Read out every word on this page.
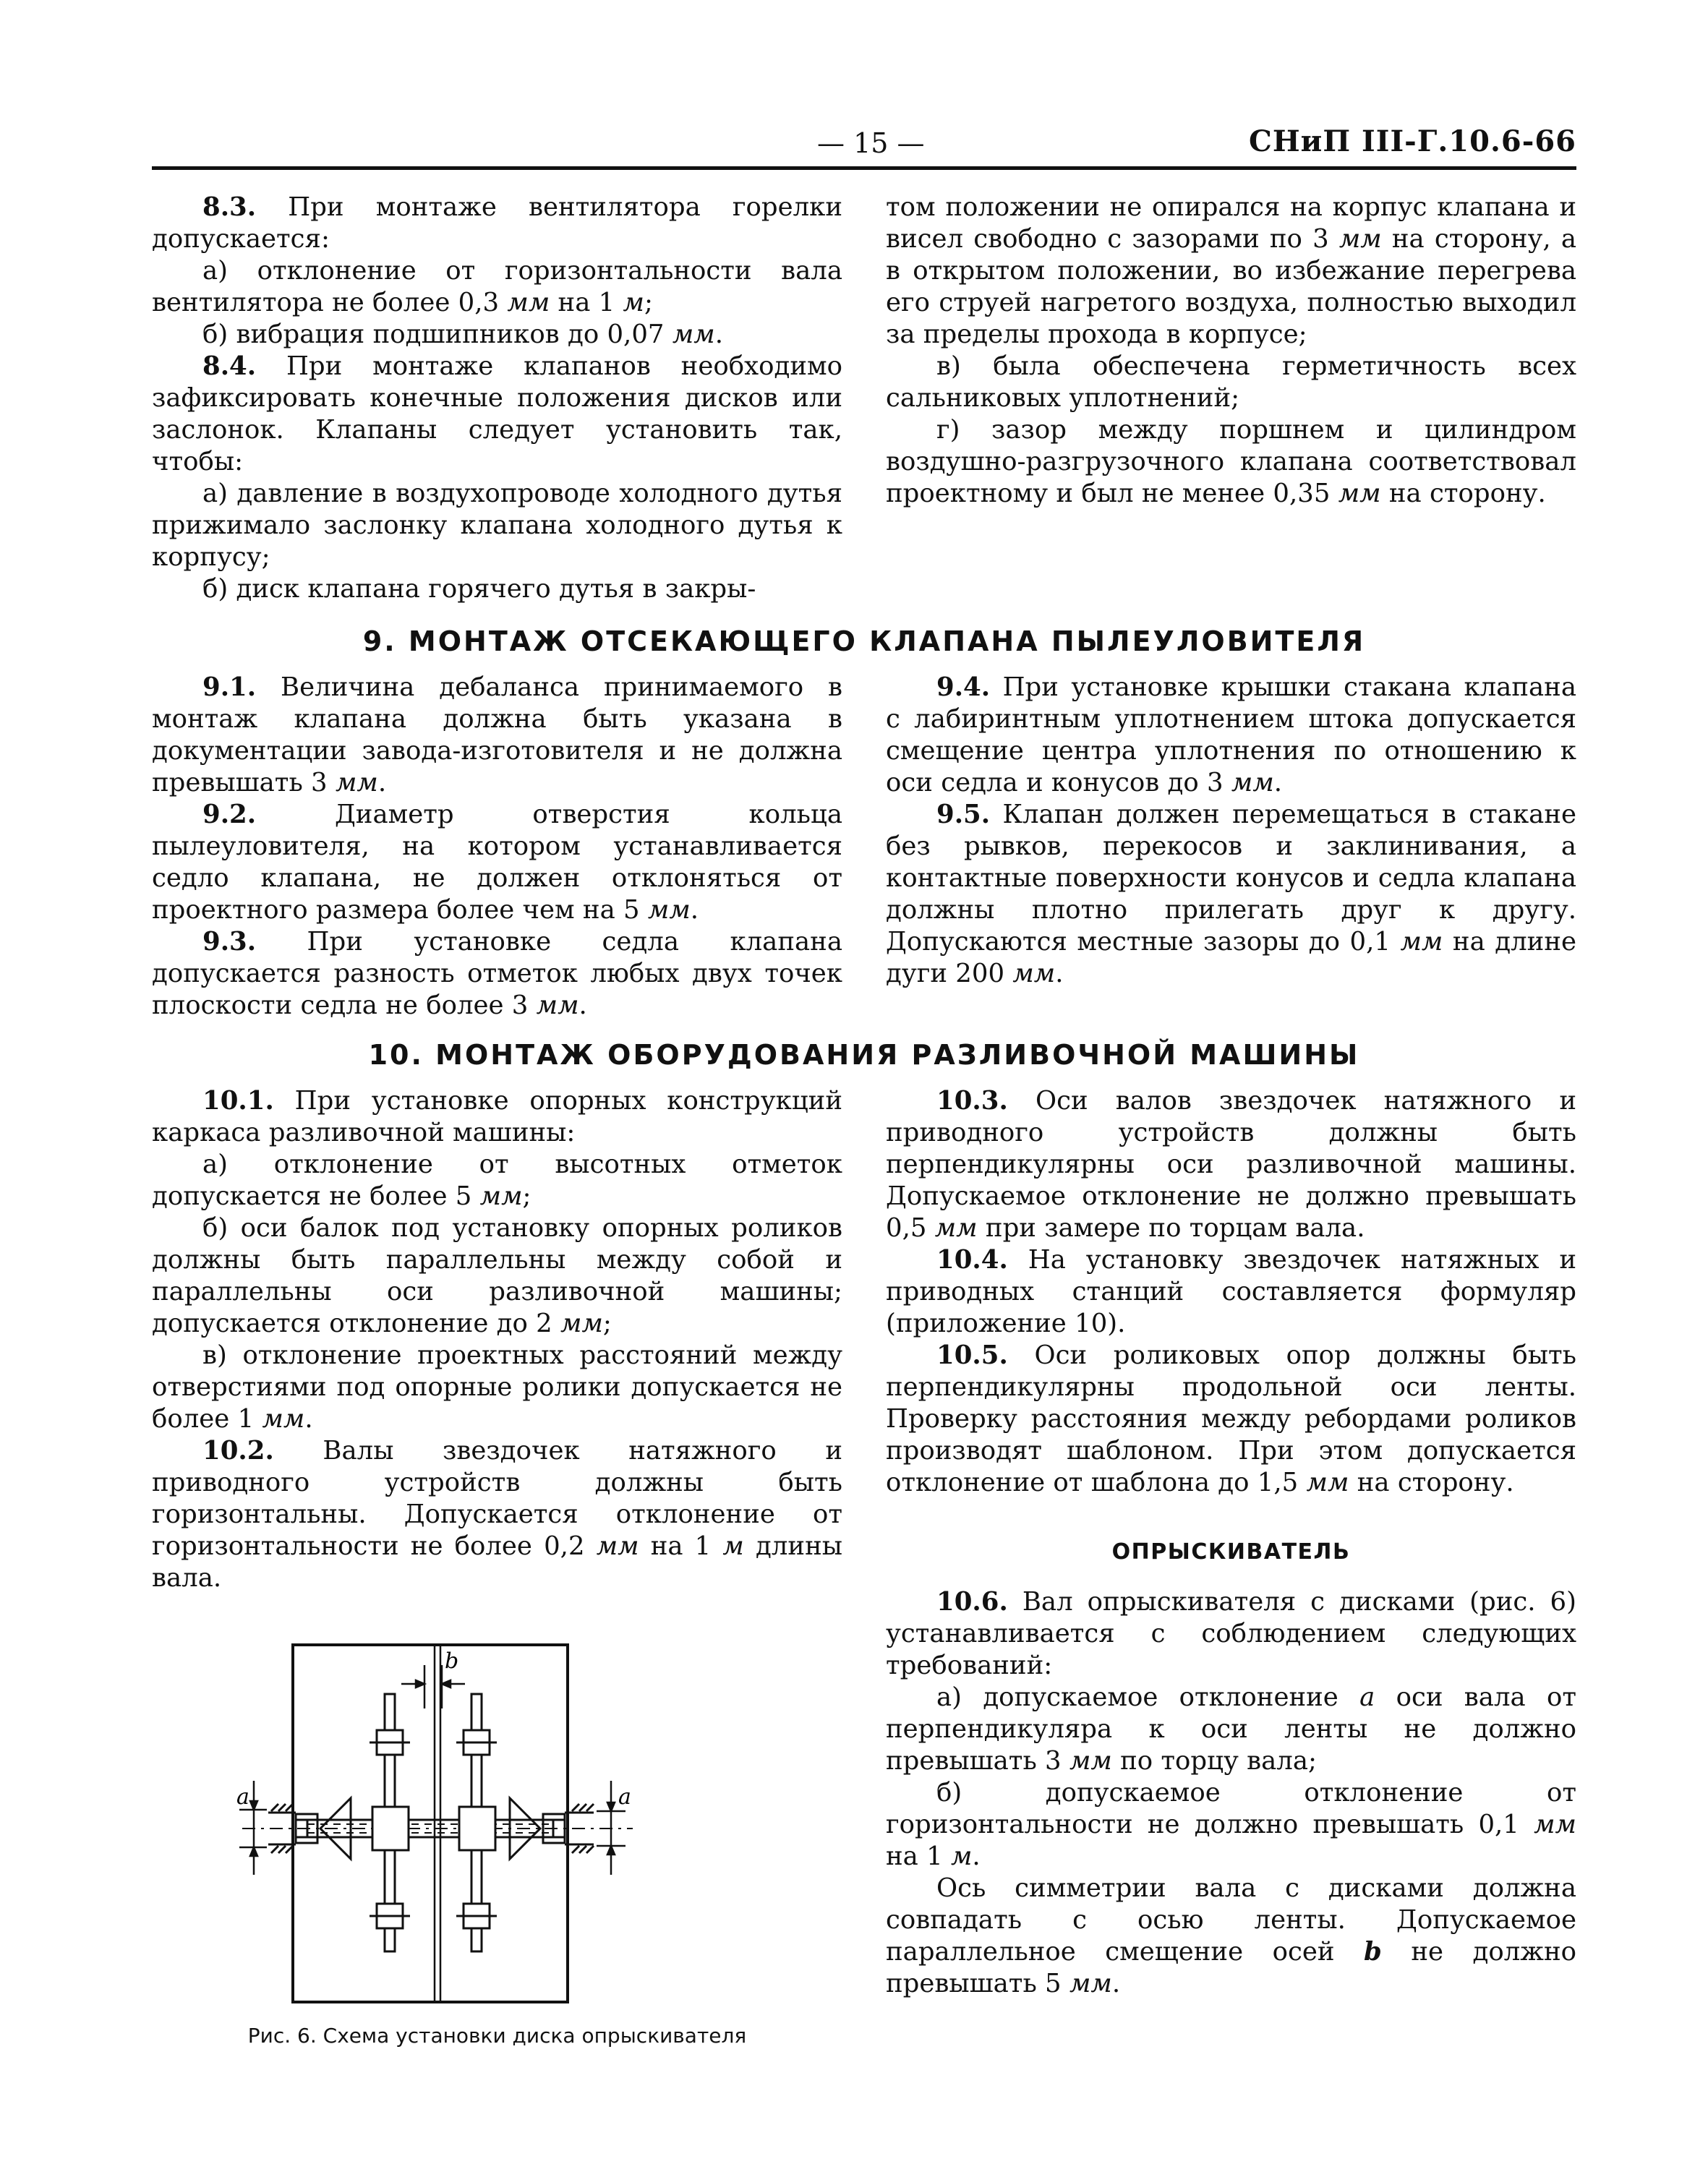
— 15 —	СНиП III-Г.10.6-66

8.3. При монтаже вентилятора горелки допускается:

а) отклонение от горизонтальности вала вентилятора не более 0,3 мм на 1 м;

б) вибрация подшипников до 0,07 мм.

8.4. При монтаже клапанов необходимо зафиксировать конечные положения дисков или заслонок. Клапаны следует установить так, чтобы:

а) давление в воздухопроводе холодного дутья прижимало заслонку клапана холодного дутья к корпусу;

б) диск клапана горячего дутья в закры-

том положении не опирался на корпус клапана и висел свободно с зазорами по 3 мм на сторону, а в открытом положении, во избежание перегрева его струей нагретого воздуха, полностью выходил за пределы прохода в корпусе;

в) была обеспечена герметичность всех сальниковых уплотнений;

г) зазор между поршнем и цилиндром воздушно-разгрузочного клапана соответствовал проектному и был не менее 0,35 мм на сторону.

9. МОНТАЖ ОТСЕКАЮЩЕГО КЛАПАНА ПЫЛЕУЛОВИТЕЛЯ

9.1. Величина дебаланса принимаемого в монтаж клапана должна быть указана в документации завода-изготовителя и не должна превышать 3 мм.

9.2. Диаметр отверстия кольца пылеуловителя, на котором устанавливается седло клапана, не должен отклоняться от проектного размера более чем на 5 мм.

9.3. При установке седла клапана допускается разность отметок любых двух точек плоскости седла не более 3 мм.

9.4. При установке крышки стакана клапана с лабиринтным уплотнением штока допускается смещение центра уплотнения по отношению к оси седла и конусов до 3 мм.

9.5. Клапан должен перемещаться в стакане без рывков, перекосов и заклинивания, а контактные поверхности конусов и седла клапана должны плотно прилегать друг к другу. Допускаются местные зазоры до 0,1 мм на длине дуги 200 мм.

10. МОНТАЖ ОБОРУДОВАНИЯ РАЗЛИВОЧНОЙ МАШИНЫ

10.1. При установке опорных конструкций каркаса разливочной машины:

а) отклонение от высотных отметок допускается не более 5 мм;

б) оси балок под установку опорных роликов должны быть параллельны между собой и параллельны оси разливочной машины; допускается отклонение до 2 мм;

в) отклонение проектных расстояний между отверстиями под опорные ролики допускается не более 1 мм.

10.2. Валы звездочек натяжного и приводного устройств должны быть горизонтальны. Допускается отклонение от горизонтальности не более 0,2 мм на 1 м длины вала.

b
a	a
Рис. 6. Схема установки диска опрыскивателя

10.3. Оси валов звездочек натяжного и приводного устройств должны быть перпендикулярны оси разливочной машины. Допускаемое отклонение не должно превышать 0,5 мм при замере по торцам вала.

10.4. На установку звездочек натяжных и приводных станций составляется формуляр (приложение 10).

10.5. Оси роликовых опор должны быть перпендикулярны продольной оси ленты. Проверку расстояния между ребордами роликов производят шаблоном. При этом допускается отклонение от шаблона до 1,5 мм на сторону.

ОПРЫСКИВАТЕЛЬ

10.6. Вал опрыскивателя с дисками (рис. 6) устанавливается с соблюдением следующих требований:

а) допускаемое отклонение а оси вала от перпендикуляра к оси ленты не должно превышать 3 мм по торцу вала;

б) допускаемое отклонение от горизонтальности не должно превышать 0,1 мм на 1 м.

Ось симметрии вала с дисками должна совпадать с осью ленты. Допускаемое параллельное смещение осей b не должно превышать 5 мм.
